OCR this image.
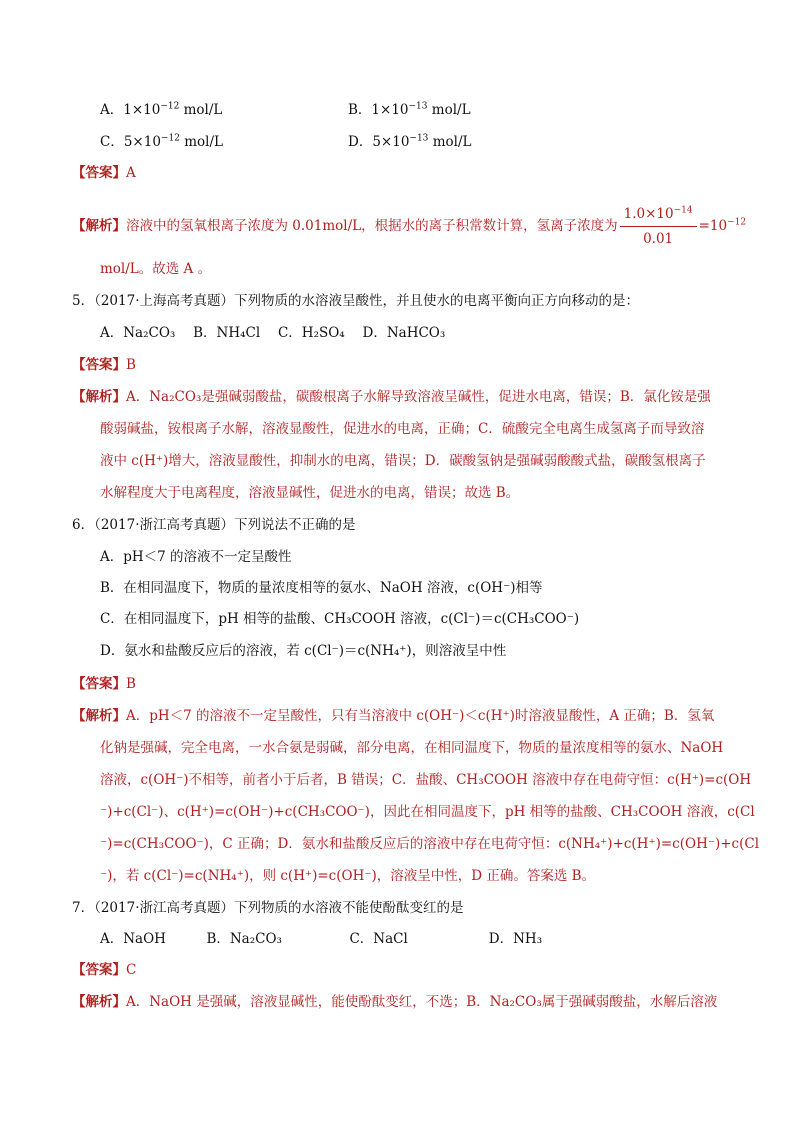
A．$1\times 10^{-12}$ mol/L	B．$1\times 10^{-13}$ mol/L
C．$5\times 10^{-12}$ mol/L	D．$5\times 10^{-13}$ mol/L
【答案】A
【解析】溶液中的氢氧根离子浓度为 0.01mol/L，根据水的离子积常数计算，氢离子浓度为 $\frac{1.0\times 10^{-14}}{0.01} =10^{-12}$
mol/L。故选 A 。
5．（2017·上海高考真题）下列物质的水溶液呈酸性，并且使水的电离平衡向正方向移动的是：
A．Na₂CO₃　 B．NH₄Cl　 C．H₂SO₄　 D．NaHCO₃
【答案】B
【解析】A．Na₂CO₃是强碱弱酸盐，碳酸根离子水解导致溶液呈碱性，促进水电离，错误；B．氯化铵是强
酸弱碱盐，铵根离子水解，溶液显酸性，促进水的电离，正确；C．硫酸完全电离生成氢离子而导致溶
液中 c(H⁺)增大，溶液显酸性，抑制水的电离，错误；D．碳酸氢钠是强碱弱酸酸式盐，碳酸氢根离子
水解程度大于电离程度，溶液显碱性，促进水的电离，错误；故选 B。
6．（2017·浙江高考真题）下列说法不正确的是
A．pH＜7 的溶液不一定呈酸性
B．在相同温度下，物质的量浓度相等的氨水、NaOH 溶液，c(OH⁻)相等
C．在相同温度下，pH 相等的盐酸、CH₃COOH 溶液，c(Cl⁻)＝c(CH₃COO⁻)
D．氨水和盐酸反应后的溶液，若 c(Cl⁻)＝c(NH₄⁺)，则溶液呈中性
【答案】B
【解析】A．pH＜7 的溶液不一定呈酸性，只有当溶液中 c(OH⁻)＜c(H⁺)时溶液显酸性，A 正确；B．氢氧
化钠是强碱，完全电离，一水合氨是弱碱，部分电离，在相同温度下，物质的量浓度相等的氨水、NaOH
溶液，c(OH⁻)不相等，前者小于后者，B 错误；C．盐酸、CH₃COOH 溶液中存在电荷守恒：c(H⁺)=c(OH
⁻)+c(Cl⁻)、c(H⁺)=c(OH⁻)+c(CH₃COO⁻)，因此在相同温度下，pH 相等的盐酸、CH₃COOH 溶液，c(Cl
⁻)=c(CH₃COO⁻)，C 正确；D．氨水和盐酸反应后的溶液中存在电荷守恒：c(NH₄⁺)+c(H⁺)=c(OH⁻)+c(Cl
⁻)，若 c(Cl⁻)=c(NH₄⁺)，则 c(H⁺)=c(OH⁻)，溶液呈中性，D 正确。答案选 B。
7．（2017·浙江高考真题）下列物质的水溶液不能使酚酞变红的是
A．NaOH　　　B．Na₂CO₃　　　　　C．NaCl　　　　　　D．NH₃
【答案】C
【解析】A．NaOH 是强碱，溶液显碱性，能使酚酞变红，不选；B．Na₂CO₃属于强碱弱酸盐，水解后溶液
